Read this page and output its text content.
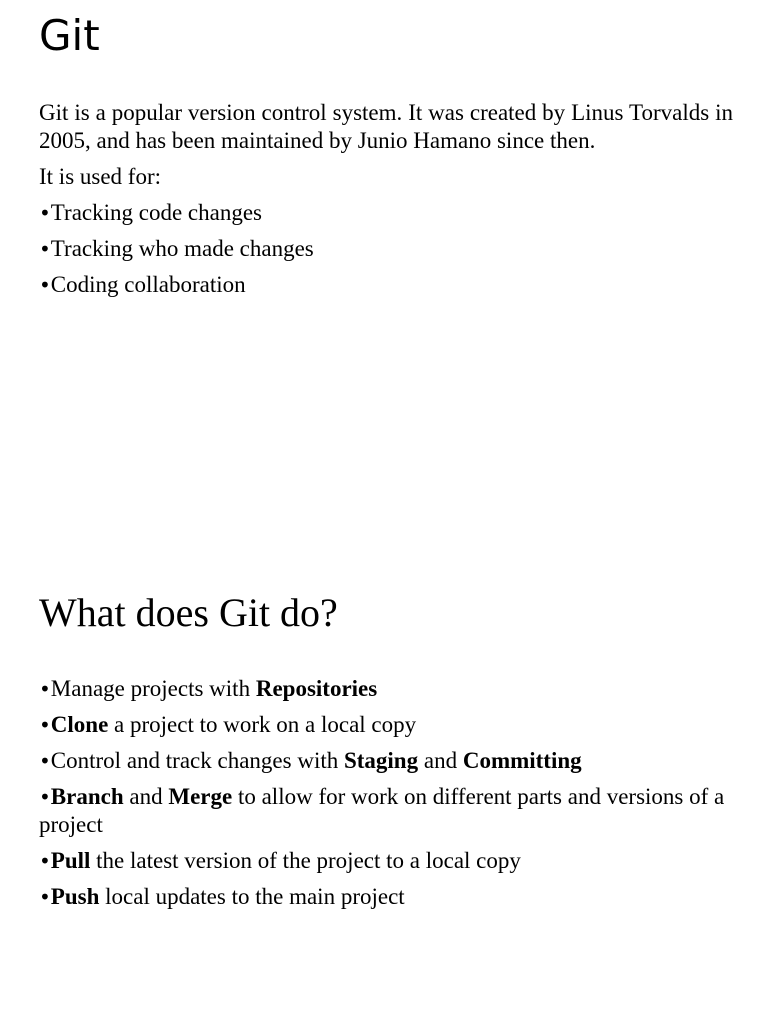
Git

Git is a popular version control system. It was created by Linus Torvalds in 2005, and has been maintained by Junio Hamano since then.

It is used for:

•Tracking code changes
•Tracking who made changes
•Coding collaboration
What does Git do?
•Manage projects with Repositories
•Clone a project to work on a local copy
•Control and track changes with Staging and Committing
•Branch and Merge to allow for work on different parts and versions of a project
•Pull the latest version of the project to a local copy
•Push local updates to the main project
